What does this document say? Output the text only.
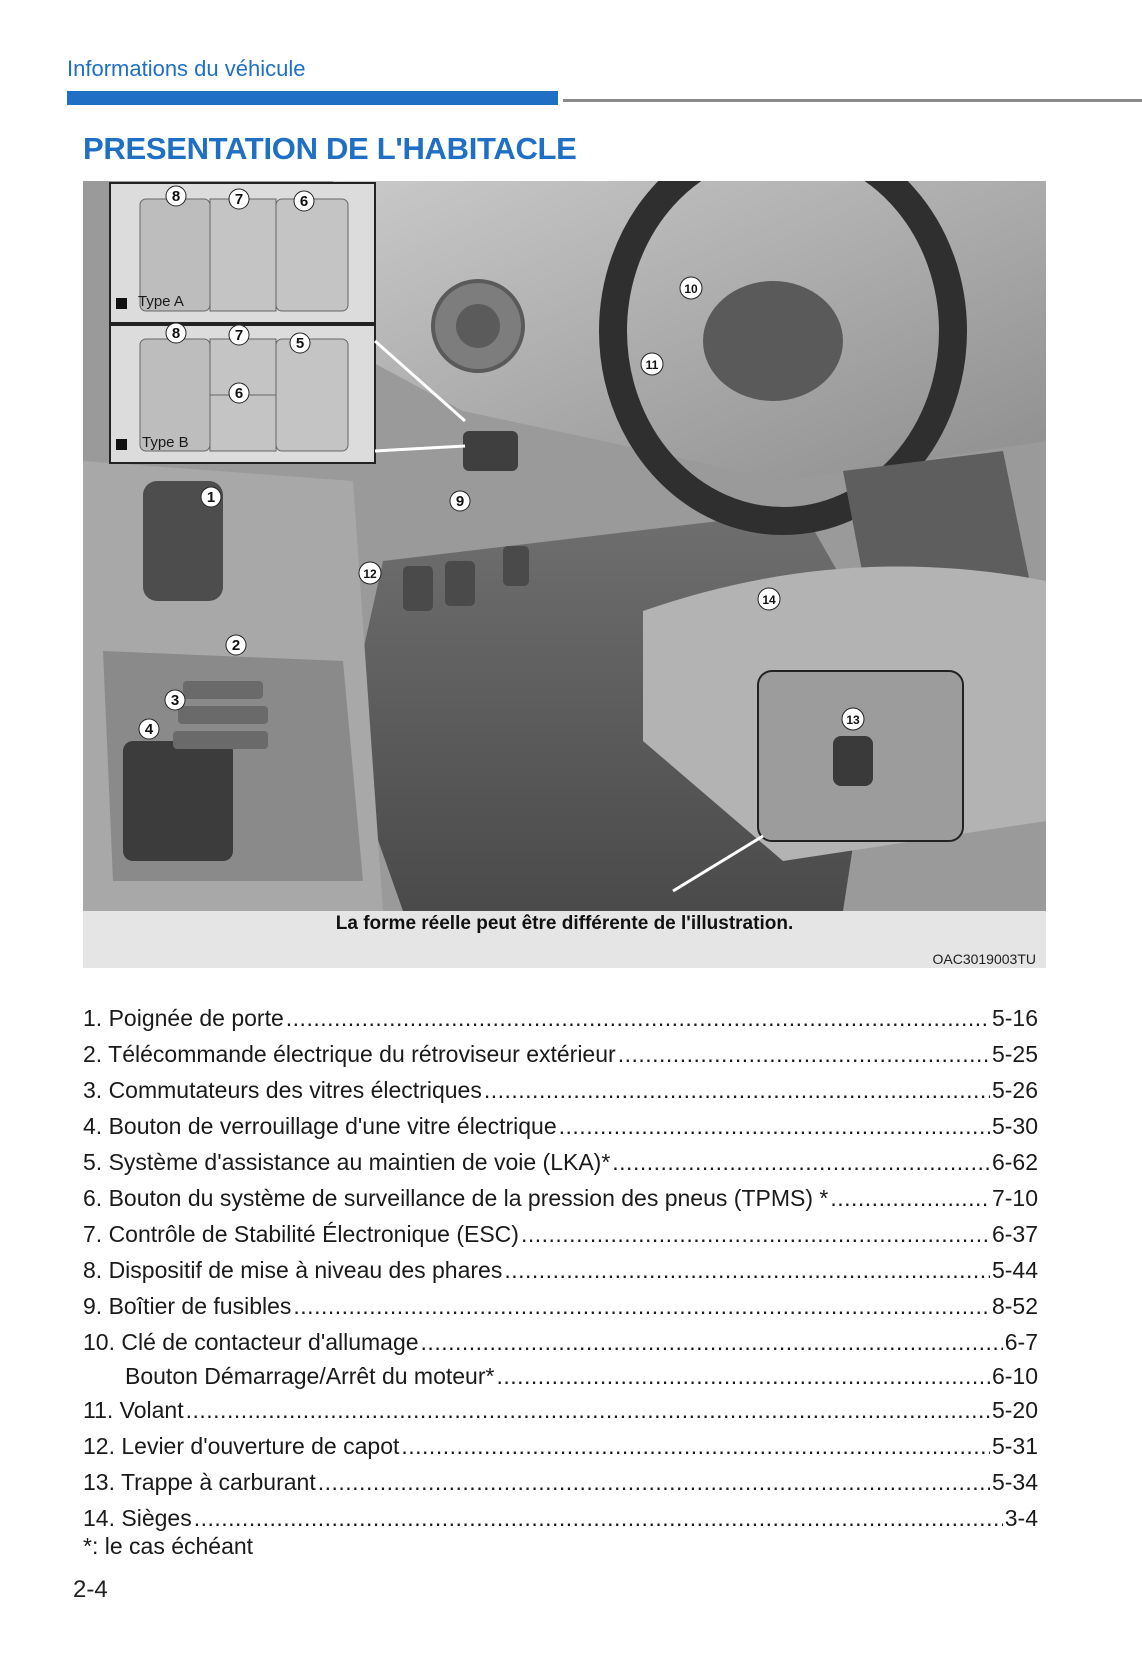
Informations du véhicule
PRESENTATION DE L'HABITACLE
8	7	6
8	7	5
6
1
2
3
4
9
10
11
12
13
14
Type A
Type B
La forme réelle peut être différente de l'illustration.
OAC3019003TU
1. Poignée de porte .....	5-16
2. Télécommande électrique du rétroviseur extérieur .....	5-25
3. Commutateurs des vitres électriques .....	5-26
4. Bouton de verrouillage d'une vitre électrique .....	5-30
5. Système d'assistance au maintien de voie (LKA)* .....	6-62
6. Bouton du système de surveillance de la pression des pneus (TPMS) * .....	7-10
7. Contrôle de Stabilité Électronique (ESC) .....	6-37
8. Dispositif de mise à niveau des phares .....	5-44
9. Boîtier de fusibles .....	8-52
10. Clé de contacteur d'allumage .....	6-7
Bouton Démarrage/Arrêt du moteur* .....	6-10
11. Volant .....	5-20
12. Levier d'ouverture de capot .....	5-31
13. Trappe à carburant .....	5-34
14. Sièges .....	3-4
*: le cas échéant
2-4
